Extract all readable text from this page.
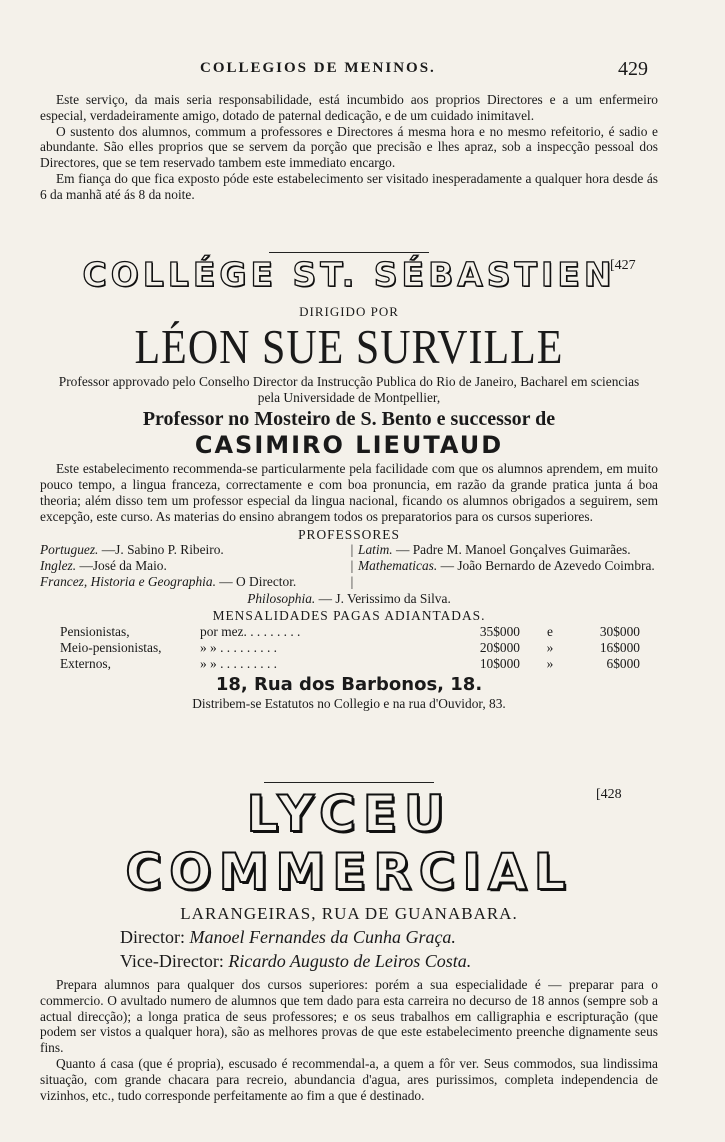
COLLEGIOS DE MENINOS.	429

Este serviço, da mais seria responsabilidade, está incumbido aos proprios Directores e a um enfermeiro especial, verdadeiramente amigo, dotado de paternal dedicação, e de um cuidado inimitavel.

O sustento dos alumnos, commum a professores e Directores á mesma hora e no mesmo refeitorio, é sadio e abundante. São elles proprios que se servem da porção que precisão e lhes apraz, sob a inspecção pessoal dos Directores, que se tem reservado tambem este immediato encargo.

Em fiança do que fica exposto póde este estabelecimento ser visitado inesperadamente a qualquer hora desde ás 6 da manhã até ás 8 da noite.

COLLÉGE ST. SÉBASTIEN
[427

DIRIGIDO POR

LÉON SUE SURVILLE

Professor approvado pelo Conselho Director da Instrucção Publica do Rio de Janeiro, Bacharel em sciencias pela Universidade de Montpellier,

Professor no Mosteiro de S. Bento e successor de

CASIMIRO LIEUTAUD

Este estabelecimento recommenda-se particularmente pela facilidade com que os alumnos aprendem, em muito pouco tempo, a lingua franceza, correctamente e com boa pronuncia, em razão da grande pratica junta á boa theoria; além disso tem um professor especial da lingua nacional, ficando os alumnos obrigados a seguirem, sem excepção, este curso. As materias do ensino abrangem todos os preparatorios para os cursos superiores.

PROFESSORES

Portuguez. —J. Sabino P. Ribeiro.	| Latim. — Padre M. Manoel Gonçalves Guimarães.
Inglez. —José da Maio.	| Mathematicas. — João Bernardo de Azevedo Coimbra.
Francez, Historia e Geographia. — O Director.	|

Philosophia. — J. Verissimo da Silva.

MENSALIDADES PAGAS ADIANTADAS.

Pensionistas,	por mez. . . . . . . . .	35$000	e	30$000
Meio-pensionistas,	» » . . . . . . . . .	20$000	»	16$000
Externos,	» » . . . . . . . . .	10$000	»	6$000

18, Rua dos Barbonos, 18.

Distribem-se Estatutos no Collegio e na rua d'Ouvidor, 83.

LYCEU COMMERCIAL
[428

LARANGEIRAS, RUA DE GUANABARA.

Director: Manoel Fernandes da Cunha Graça.

Vice-Director: Ricardo Augusto de Leiros Costa.

Prepara alumnos para qualquer dos cursos superiores: porém a sua especialidade é — preparar para o commercio. O avultado numero de alumnos que tem dado para esta carreira no decurso de 18 annos (sempre sob a actual direcção); a longa pratica de seus professores; e os seus trabalhos em calligraphia e escripturação (que podem ser vistos a qualquer hora), são as melhores provas de que este estabelecimento preenche dignamente seus fins.

Quanto á casa (que é propria), escusado é recommendal-a, a quem a fôr ver. Seus commodos, sua lindissima situação, com grande chacara para recreio, abundancia d'agua, ares purissimos, completa independencia de vizinhos, etc., tudo corresponde perfeitamente ao fim a que é destinado.
